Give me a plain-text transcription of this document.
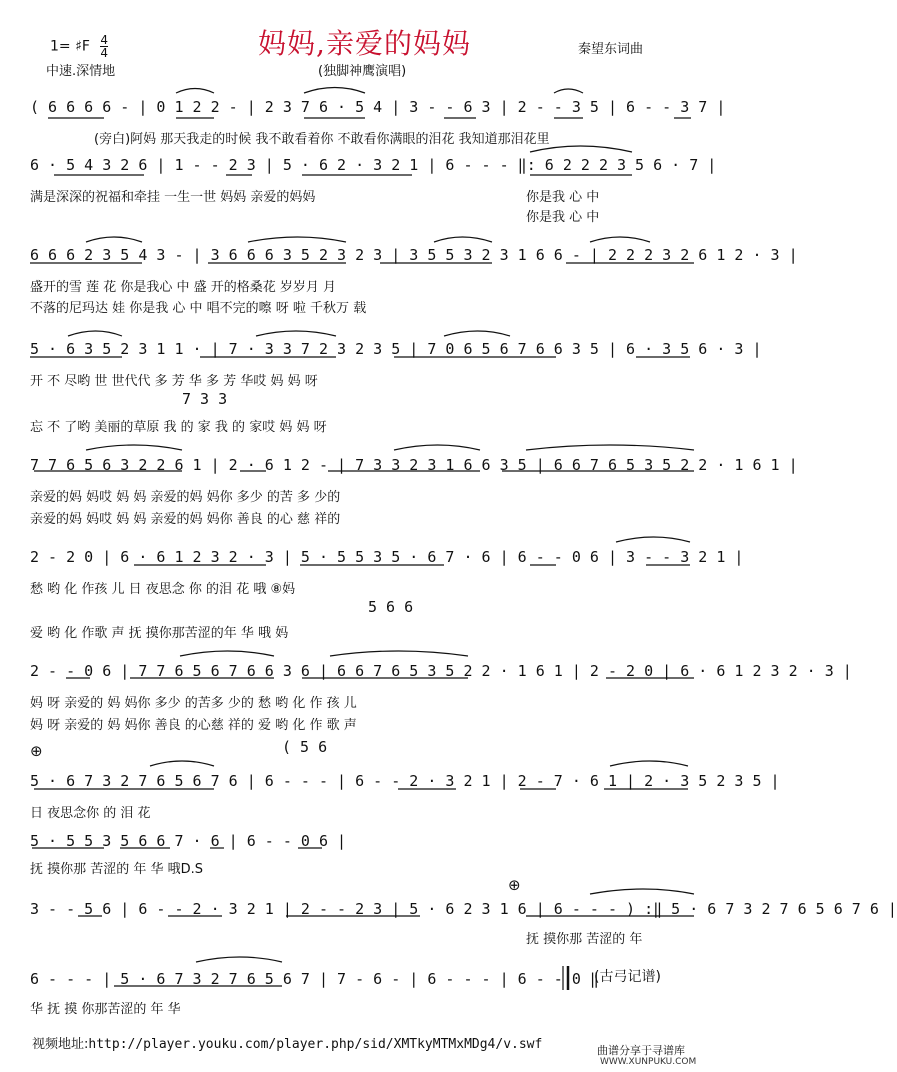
妈妈,亲爱的妈妈
1= ♯F $\frac{4}{4}$
中速.深情地	(独脚神鹰演唱)
秦望东词曲
( 6 6 6 6 - | 0 1 2 2 - | 2 3 7 6 · 5 4 | 3 - - 6 3 | 2 - - 3 5 | 6 - - 3 7 |
(旁白)阿妈 那天我走的时候 我不敢看着你 不敢看你满眼的泪花 我知道那泪花里
6 · 5 4 3 2 6 | 1 - - 2 3 | 5 · 6 2 · 3 2 1 | 6 - - - ‖: 6 2 2 2 3 5 6 · 7 |
满是深深的祝福和牵挂 一生一世 妈妈 亲爱的妈妈	你是我 心 中
你是我 心 中
6 6 6 2 3 5 4 3 - | 3 6 6 6 3 5 2 3 2 3 | 3 5 5 3 2 3 1 6 6 - | 2 2 2 3 2 6 1 2 · 3 |
盛开的雪 莲 花 你是我心 中 盛 开的格桑花 岁岁月 月
不落的尼玛达 娃 你是我 心 中 唱不完的嚓 呀 啦 千秋万 载
5 · 6 3 5 2 3 1 1 · | 7 · 3 3 7 2 3 2 3 5 | 7 0 6 5 6 7 6 6 3 5 | 6 · 3 5 6 · 3 |
开 不 尽哟 世 世代代 多 芳 华 多 芳 华哎 妈 妈 呀
7 3 3
忘 不 了哟 美丽的草原 我 的 家 我 的 家哎 妈 妈 呀
7 7 6 5 6 3 2 2 6 1 | 2 · 6 1 2 - | 7 3 3 2 3 1 6 6 3 5 | 6 6 7 6 5 3 5 2 2 · 1 6 1 |
亲爱的妈 妈哎 妈 妈 亲爱的妈 妈你 多少 的苦 多 少的
亲爱的妈 妈哎 妈 妈 亲爱的妈 妈你 善良 的心 慈 祥的
2 - 2 0 | 6 · 6 1 2 3 2 · 3 | 5 · 5 5 3 5 · 6 7 · 6 | 6 - - 0 6 | 3 - - 3 2 1 |
愁 哟 化 作孩 儿 日 夜思念 你 的泪 花 哦 ⑧妈
5 6 6
爱 哟 化 作歌 声 抚 摸你那苦涩的年 华 哦 妈
2 - - 0 6 | 7 7 6 5 6 7 6 6 3 6 | 6 6 7 6 5 3 5 2 2 · 1 6 1 | 2 - 2 0 | 6 · 6 1 2 3 2 · 3 |
妈 呀 亲爱的 妈 妈你 多少 的苦多 少的 愁 哟 化 作 孩 儿
妈 呀 亲爱的 妈 妈你 善良 的心慈 祥的 爱 哟 化 作 歌 声
( 5 6
⊕
5 · 6 7 3 2 7 6 5 6 7 6 | 6 - - - | 6 - - 2 · 3 2 1 | 2 - 7 · 6 1 | 2 · 3 5 2 3 5 |
日 夜思念你 的 泪 花
5 · 5 5 3 5 6 6 7 · 6 | 6 - - 0 6 |
抚 摸你那 苦涩的 年 华 哦D.S
⊕
3 - - 5 6 | 6 - - 2 · 3 2 1 | 2 - - 2 3 | 5 · 6 2 3 1 6 | 6 - - - ) :‖ 5 · 6 7 3 2 7 6 5 6 7 6 |
抚 摸你那 苦涩的 年
6 - - - | 5 · 6 7 3 2 7 6 5 6 7 | 7 - 6 - | 6 - - - | 6 - - 0 ‖
华 抚 摸 你那苦涩的 年 华
(古弓记谱)
视频地址:http://player.youku.com/player.php/sid/XMTkyMTMxMDg4/v.swf	曲谱分享于寻谱库
WWW.XUNPUKU.COM
